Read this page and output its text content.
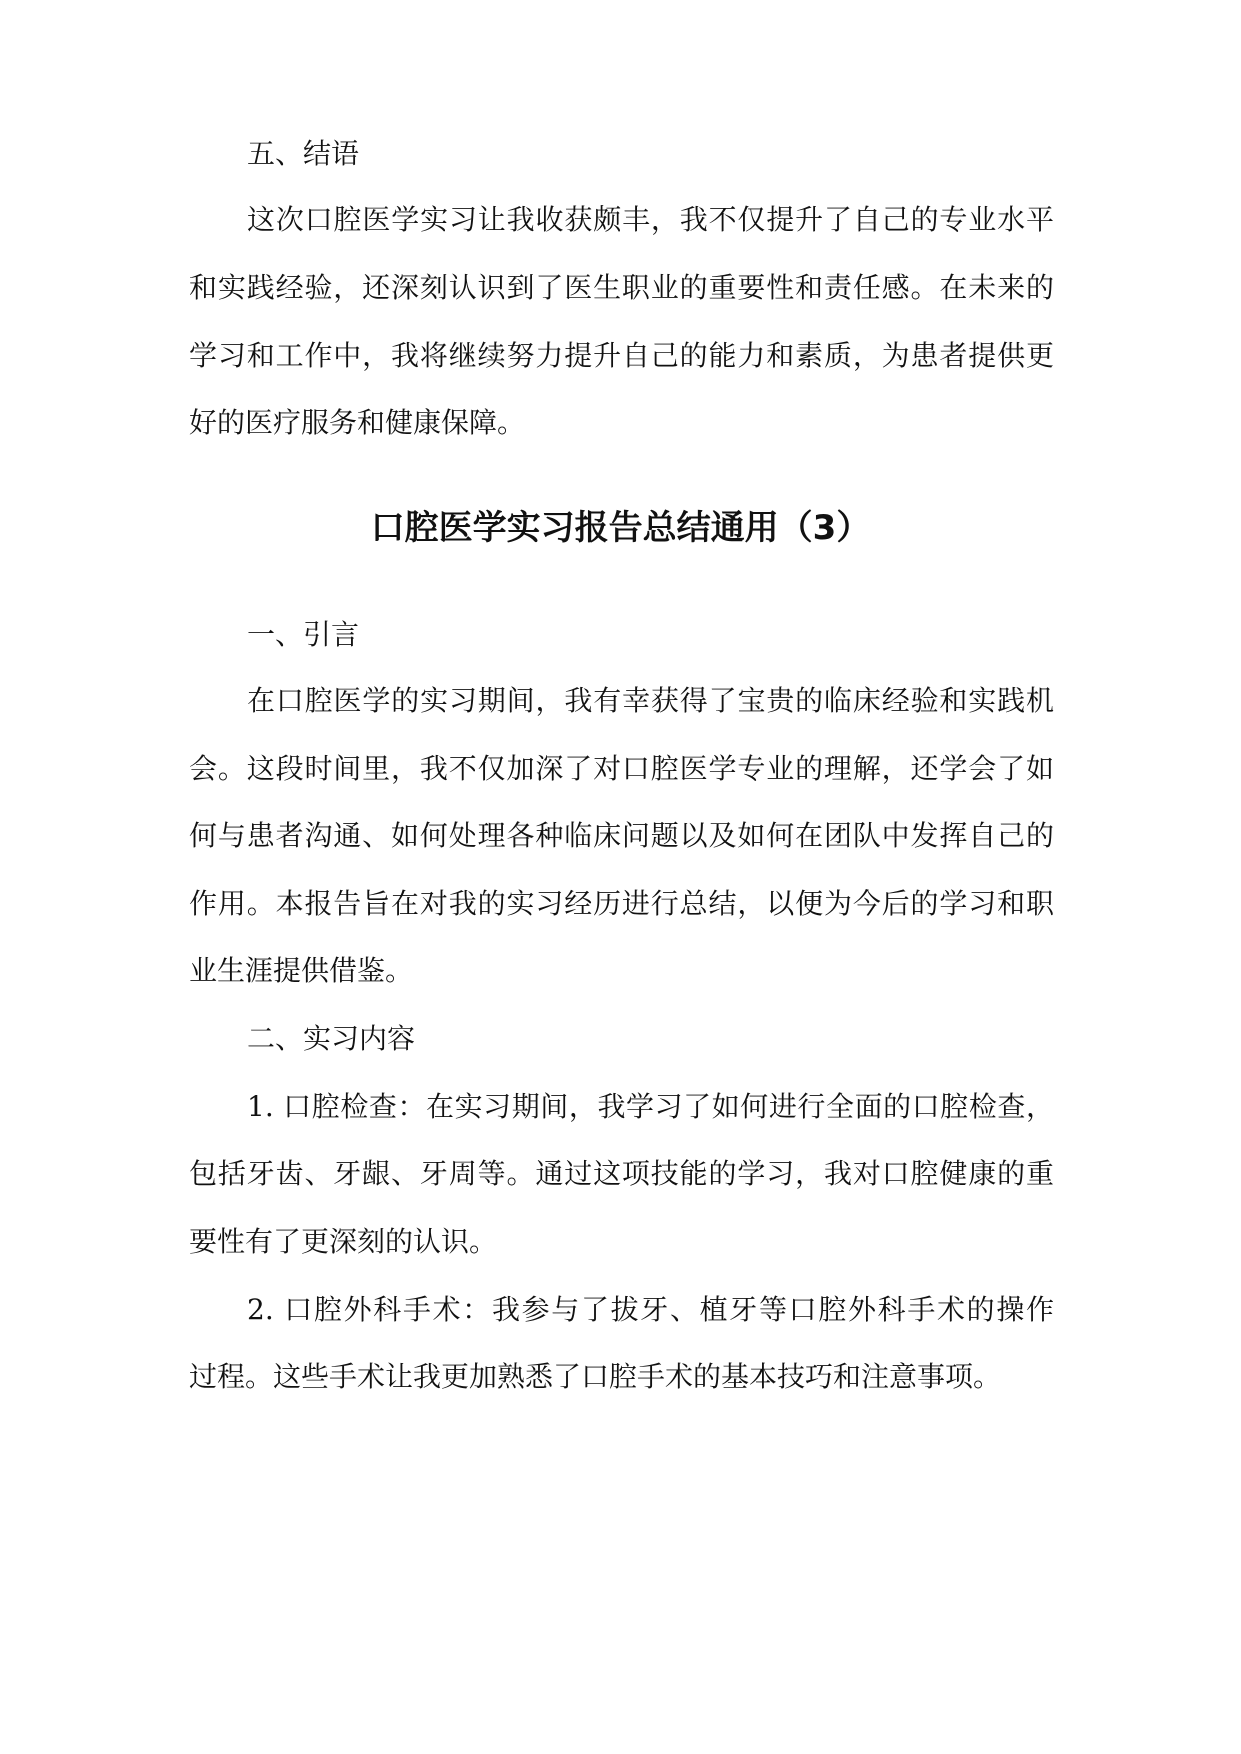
五、结语
这次口腔医学实习让我收获颇丰，我不仅提升了自己的专业水平
和实践经验，还深刻认识到了医生职业的重要性和责任感。在未来的
学习和工作中，我将继续努力提升自己的能力和素质，为患者提供更
好的医疗服务和健康保障。
口腔医学实习报告总结通用（3）
一、引言
在口腔医学的实习期间，我有幸获得了宝贵的临床经验和实践机
会。这段时间里，我不仅加深了对口腔医学专业的理解，还学会了如
何与患者沟通、如何处理各种临床问题以及如何在团队中发挥自己的
作用。本报告旨在对我的实习经历进行总结，以便为今后的学习和职
业生涯提供借鉴。
二、实习内容
1. 口腔检查：在实习期间，我学习了如何进行全面的口腔检查，
包括牙齿、牙龈、牙周等。通过这项技能的学习，我对口腔健康的重
要性有了更深刻的认识。
2. 口腔外科手术：我参与了拔牙、植牙等口腔外科手术的操作
过程。这些手术让我更加熟悉了口腔手术的基本技巧和注意事项。
